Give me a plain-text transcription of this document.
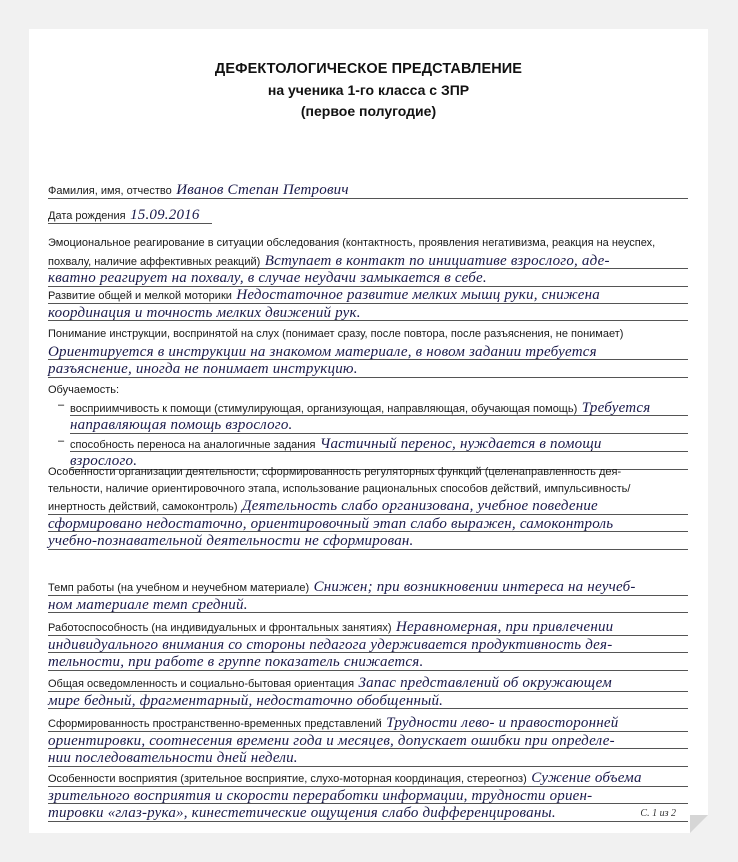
ДЕФЕКТОЛОГИЧЕСКОЕ ПРЕДСТАВЛЕНИЕ
на ученика 1-го класса с ЗПР
(первое полугодие)
Фамилия, имя, отчество Иванов Степан Петрович
Дата рождения 15.09.2016
Эмоциональное реагирование в ситуации обследования (контактность, проявления негативизма, реакция на неуспех,
похвалу, наличие аффективных реакций) Вступает в контакт по инициативе взрослого, аде-
кватно реагирует на похвалу, в случае неудачи замыкается в себе.
Развитие общей и мелкой моторики Недостаточное развитие мелких мышц руки, снижена
координация и точность мелких движений рук.
Понимание инструкции, воспринятой на слух (понимает сразу, после повтора, после разъяснения, не понимает)
Ориентируется в инструкции на знакомом материале, в новом задании требуется
разъяснение, иногда не понимает инструкцию.
Обучаемость:
– восприимчивость к помощи (стимулирующая, организующая, направляющая, обучающая помощь) Требуется
направляющая помощь взрослого.
– способность переноса на аналогичные задания Частичный перенос, нуждается в помощи
взрослого.
Особенности организации деятельности, сформированность регуляторных функций (целенаправленность дея-
тельности, наличие ориентировочного этапа, использование рациональных способов действий, импульсивность/
инертность действий, самоконтроль) Деятельность слабо организована, учебное поведение
сформировано недостаточно, ориентировочный этап слабо выражен, самоконтроль
учебно-познавательной деятельности не сформирован.
Темп работы (на учебном и неучебном материале) Снижен; при возникновении интереса на неучеб-
ном материале темп средний.
Работоспособность (на индивидуальных и фронтальных занятиях) Неравномерная, при привлечении
индивидуального внимания со стороны педагога удерживается продуктивность дея-
тельности, при работе в группе показатель снижается.
Общая осведомленность и социально-бытовая ориентация Запас представлений об окружающем
мире бедный, фрагментарный, недостаточно обобщенный.
Сформированность пространственно-временных представлений Трудности лево- и правосторонней
ориентировки, соотнесения времени года и месяцев, допускает ошибки при определе-
нии последовательности дней недели.
Особенности восприятия (зрительное восприятие, слухо-моторная координация, стереогноз) Сужение объема
зрительного восприятия и скорости переработки информации, трудности ориен-
тировки «глаз-рука», кинестетические ощущения слабо дифференцированы.	С. 1 из 2
